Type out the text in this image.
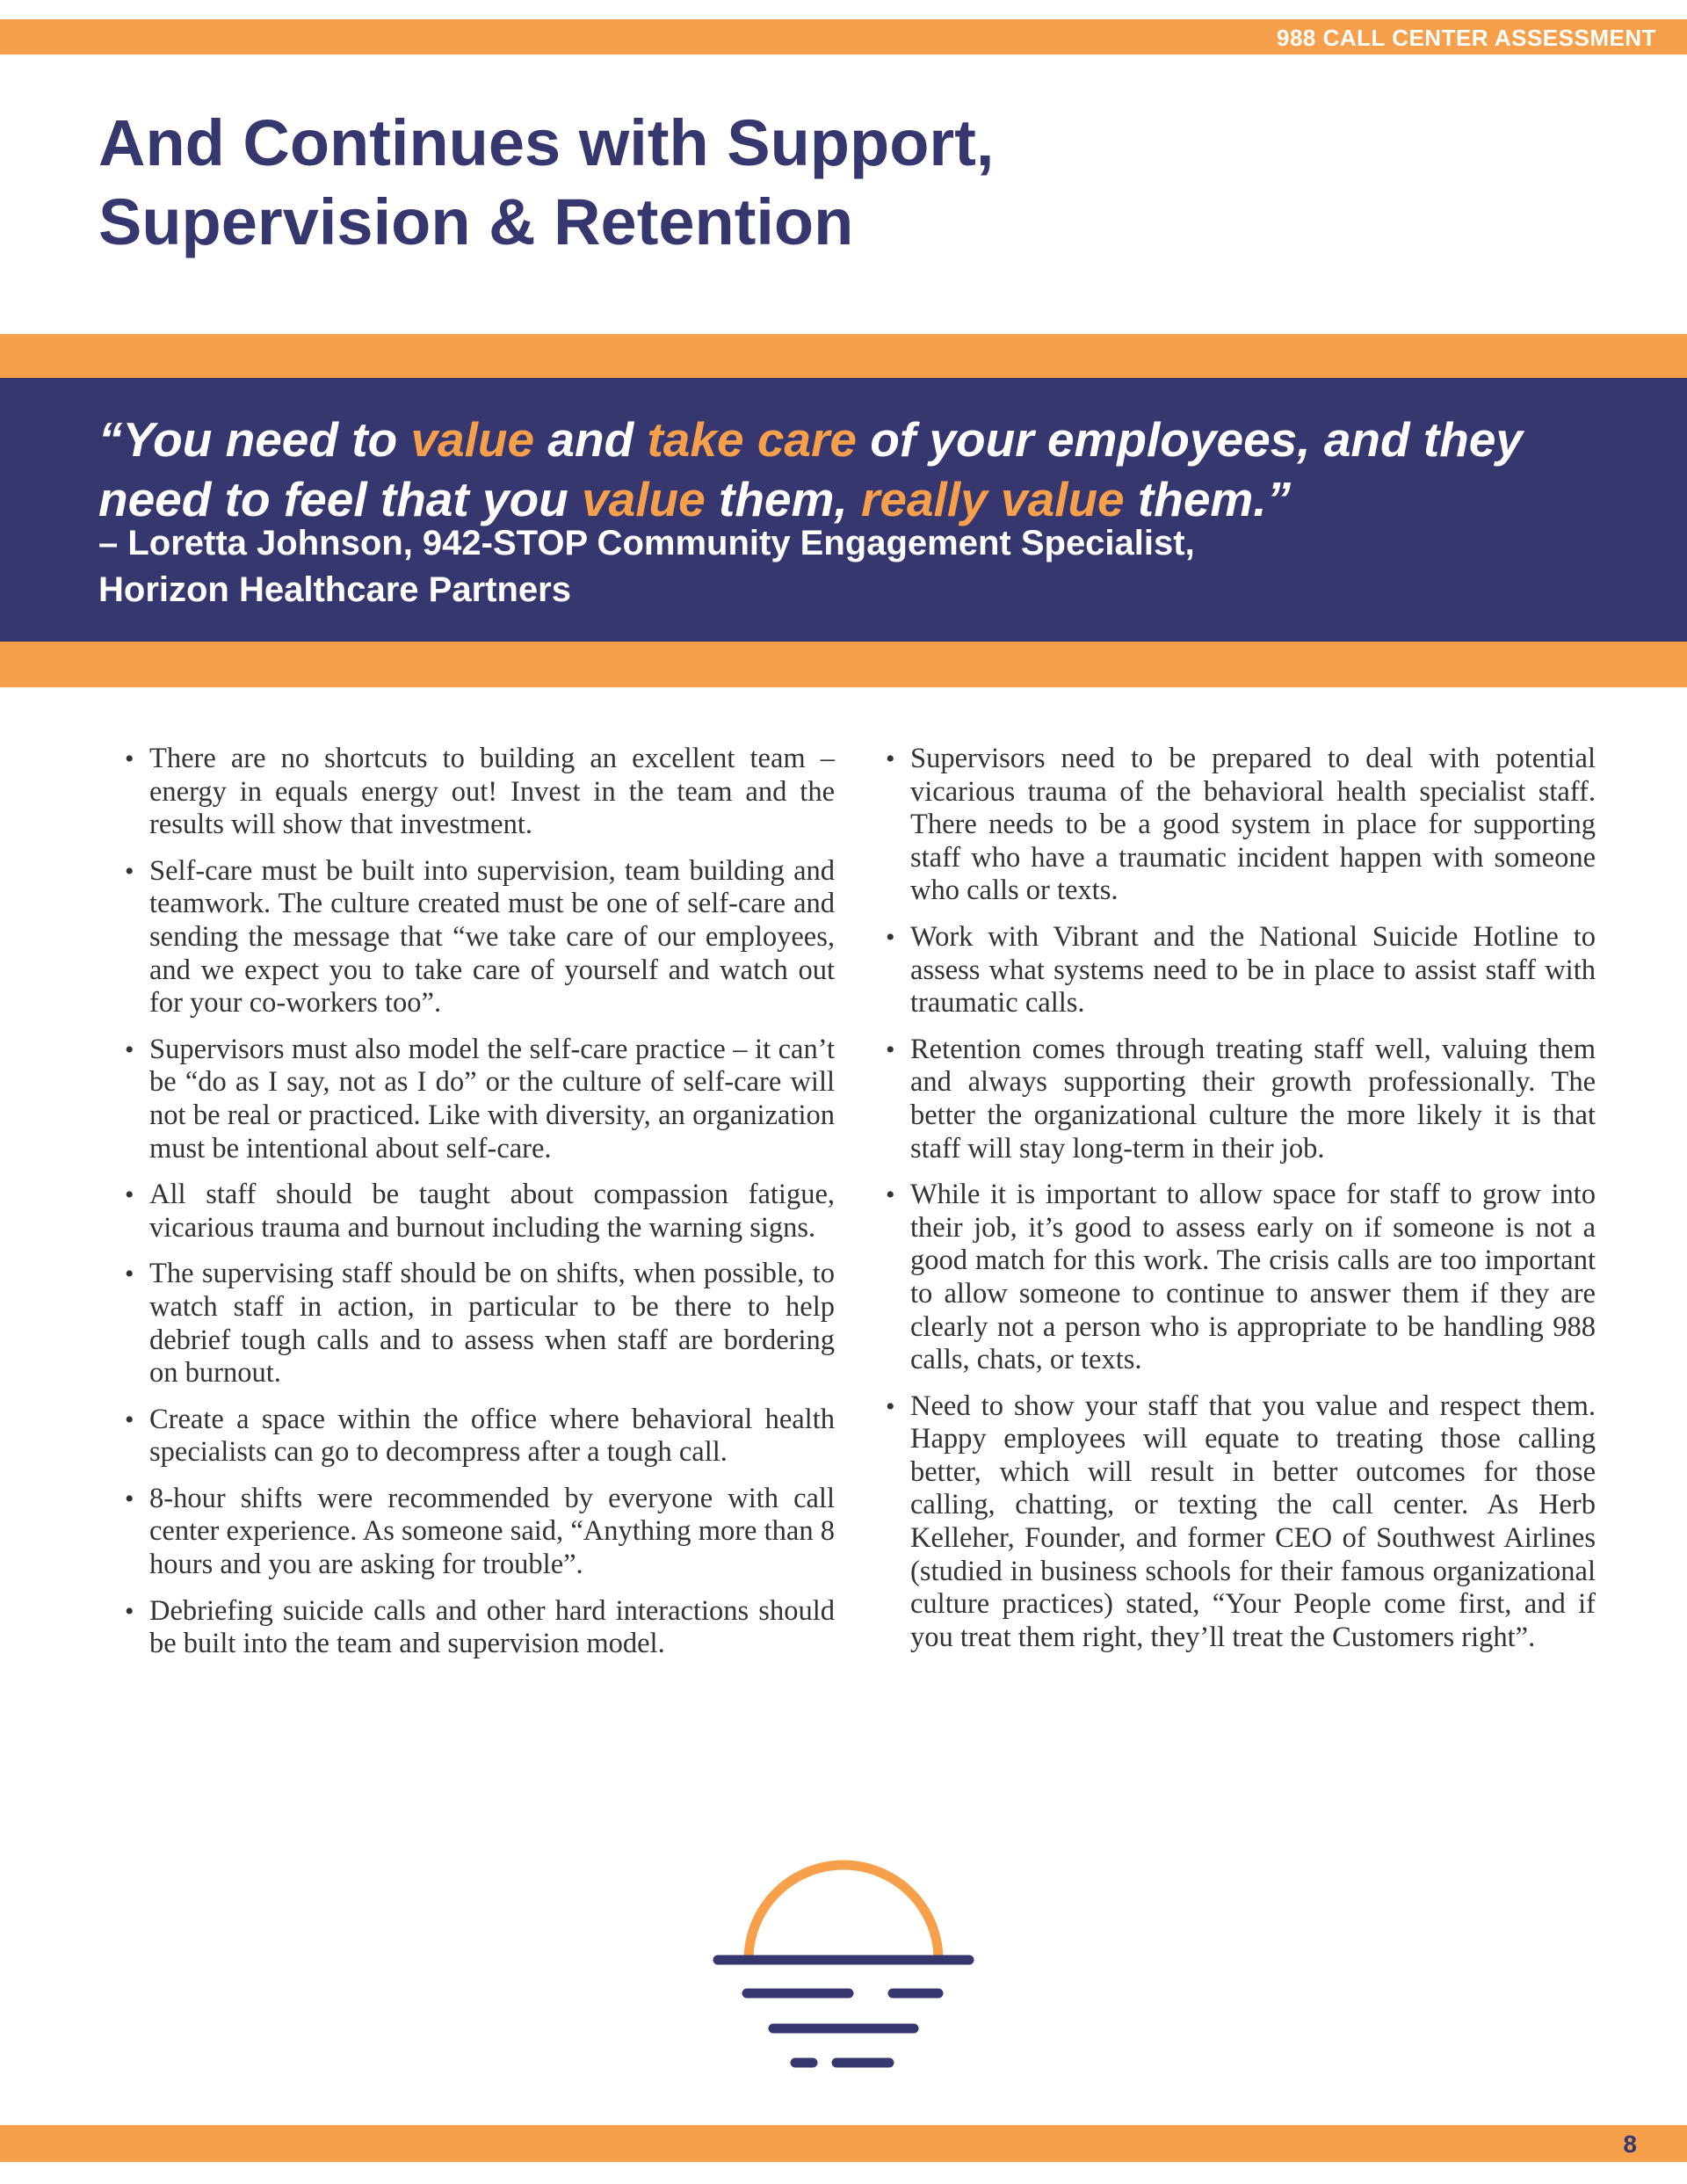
988 CALL CENTER ASSESSMENT
And Continues with Support,
Supervision & Retention

“You need to value and take care of your employees, and they need to feel that you value them, really value them.”

– Loretta Johnson, 942-STOP Community Engagement Specialist,
Horizon Healthcare Partners

• There are no shortcuts to building an excellent team – energy in equals energy out! Invest in the team and the results will show that investment.
• Self-care must be built into supervision, team building and teamwork. The culture created must be one of self-care and sending the message that “we take care of our employees, and we expect you to take care of yourself and watch out for your co-workers too”.
• Supervisors must also model the self-care practice – it can’t be “do as I say, not as I do” or the culture of self-care will not be real or practiced. Like with diversity, an organization must be intentional about self-care.
• All staff should be taught about compassion fatigue, vicarious trauma and burnout including the warning signs.
• The supervising staff should be on shifts, when possible, to watch staff in action, in particular to be there to help debrief tough calls and to assess when staff are bordering on burnout.
• Create a space within the office where behavioral health specialists can go to decompress after a tough call.
• 8-hour shifts were recommended by everyone with call center experience. As someone said, “Anything more than 8 hours and you are asking for trouble”.
• Debriefing suicide calls and other hard interactions should be built into the team and supervision model.
• Supervisors need to be prepared to deal with potential vicarious trauma of the behavioral health specialist staff. There needs to be a good system in place for supporting staff who have a traumatic incident happen with someone who calls or texts.
• Work with Vibrant and the National Suicide Hotline to assess what systems need to be in place to assist staff with traumatic calls.
• Retention comes through treating staff well, valuing them and always supporting their growth professionally. The better the organizational culture the more likely it is that staff will stay long-term in their job.
• While it is important to allow space for staff to grow into their job, it’s good to assess early on if someone is not a good match for this work. The crisis calls are too important to allow someone to continue to answer them if they are clearly not a person who is appropriate to be handling 988 calls, chats, or texts.
• Need to show your staff that you value and respect them. Happy employees will equate to treating those calling better, which will result in better outcomes for those calling, chatting, or texting the call center. As Herb Kelleher, Founder, and former CEO of Southwest Airlines (studied in business schools for their famous organizational culture practices) stated, “Your People come first, and if you treat them right, they’ll treat the Customers right”.
8
